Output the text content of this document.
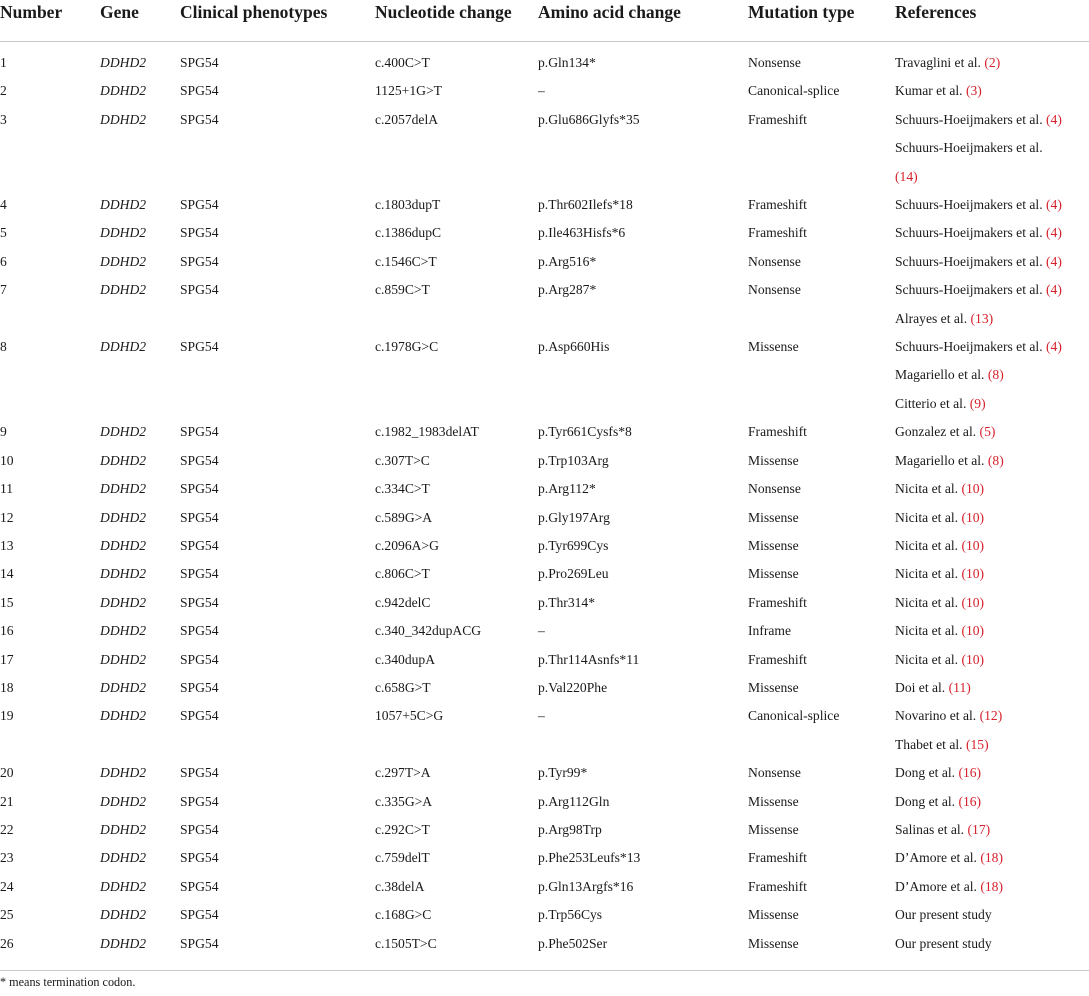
Number	Gene	Clinical phenotypes	Nucleotide change	Amino acid change	Mutation type	References
1	DDHD2	SPG54	c.400C>T	p.Gln134*	Nonsense	Travaglini et al. (2)

2	DDHD2	SPG54	1125+1G>T	–	Canonical-splice	Kumar et al. (3)

3	DDHD2	SPG54	c.2057delA	p.Glu686Glyfs*35	Frameshift	Schuurs-Hoeijmakers et al. (4)
Schuurs-Hoeijmakers et al.
(14)

4	DDHD2	SPG54	c.1803dupT	p.Thr602Ilefs*18	Frameshift	Schuurs-Hoeijmakers et al. (4)

5	DDHD2	SPG54	c.1386dupC	p.Ile463Hisfs*6	Frameshift	Schuurs-Hoeijmakers et al. (4)

6	DDHD2	SPG54	c.1546C>T	p.Arg516*	Nonsense	Schuurs-Hoeijmakers et al. (4)

7	DDHD2	SPG54	c.859C>T	p.Arg287*	Nonsense	Schuurs-Hoeijmakers et al. (4)
Alrayes et al. (13)

8	DDHD2	SPG54	c.1978G>C	p.Asp660His	Missense	Schuurs-Hoeijmakers et al. (4)
Magariello et al. (8)
Citterio et al. (9)

9	DDHD2	SPG54	c.1982_1983delAT	p.Tyr661Cysfs*8	Frameshift	Gonzalez et al. (5)

10	DDHD2	SPG54	c.307T>C	p.Trp103Arg	Missense	Magariello et al. (8)

11	DDHD2	SPG54	c.334C>T	p.Arg112*	Nonsense	Nicita et al. (10)

12	DDHD2	SPG54	c.589G>A	p.Gly197Arg	Missense	Nicita et al. (10)

13	DDHD2	SPG54	c.2096A>G	p.Tyr699Cys	Missense	Nicita et al. (10)

14	DDHD2	SPG54	c.806C>T	p.Pro269Leu	Missense	Nicita et al. (10)

15	DDHD2	SPG54	c.942delC	p.Thr314*	Frameshift	Nicita et al. (10)

16	DDHD2	SPG54	c.340_342dupACG	–	Inframe	Nicita et al. (10)

17	DDHD2	SPG54	c.340dupA	p.Thr114Asnfs*11	Frameshift	Nicita et al. (10)

18	DDHD2	SPG54	c.658G>T	p.Val220Phe	Missense	Doi et al. (11)

19	DDHD2	SPG54	1057+5C>G	–	Canonical-splice	Novarino et al. (12)
Thabet et al. (15)

20	DDHD2	SPG54	c.297T>A	p.Tyr99*	Nonsense	Dong et al. (16)

21	DDHD2	SPG54	c.335G>A	p.Arg112Gln	Missense	Dong et al. (16)

22	DDHD2	SPG54	c.292C>T	p.Arg98Trp	Missense	Salinas et al. (17)

23	DDHD2	SPG54	c.759delT	p.Phe253Leufs*13	Frameshift	D’Amore et al. (18)

24	DDHD2	SPG54	c.38delA	p.Gln13Argfs*16	Frameshift	D’Amore et al. (18)

25	DDHD2	SPG54	c.168G>C	p.Trp56Cys	Missense	Our present study

26	DDHD2	SPG54	c.1505T>C	p.Phe502Ser	Missense	Our present study
* means termination codon.
